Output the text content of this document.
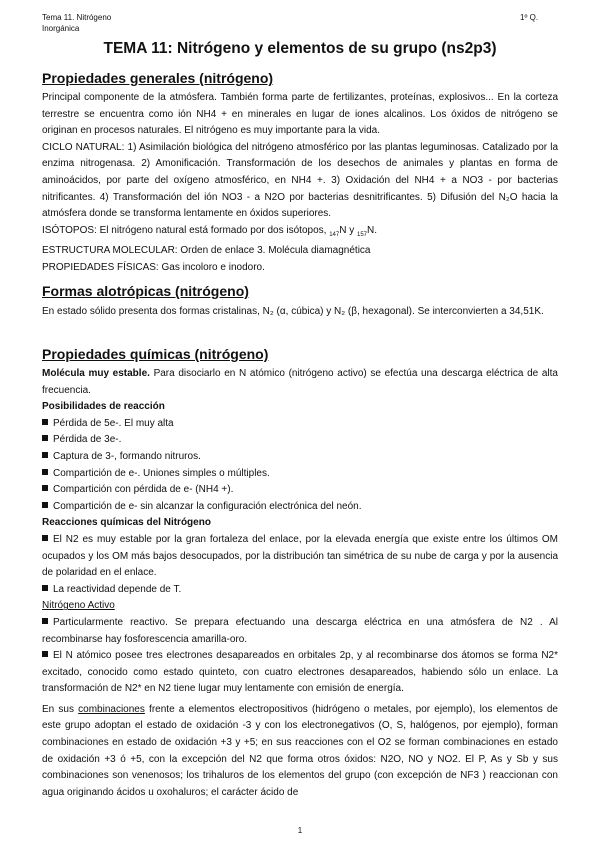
Tema 11. Nitrógeno
Inorgánica
1º Q.
TEMA 11: Nitrógeno y elementos de su grupo (ns2p3)
Propiedades generales (nitrógeno)

Principal componente de la atmósfera. También forma parte de fertilizantes, proteínas, explosivos... En la corteza terrestre se encuentra como ión NH4 + en minerales en lugar de iones alcalinos. Los óxidos de nitrógeno se originan en procesos naturales. El nitrógeno es muy importante para la vida.

CICLO NATURAL: 1) Asimilación biológica del nitrógeno atmosférico por las plantas leguminosas. Catalizado por la enzima nitrogenasa. 2) Amonificación. Transformación de los desechos de animales y plantas en forma de aminoácidos, por parte del oxígeno atmosférico, en NH4 +. 3) Oxidación del NH4 + a NO3 - por bacterias nitrificantes. 4) Transformación del ión NO3 - a N2O por bacterias desnitrificantes. 5) Difusión del N₂O hacia la atmósfera donde se transforma lentamente en óxidos superiores.

ISÓTOPOS: El nitrógeno natural está formado por dos isótopos, $_{147}$N y $_{157}$N.

ESTRUCTURA MOLECULAR: Orden de enlace 3. Molécula diamagnética

PROPIEDADES FÍSICAS: Gas incoloro e inodoro.

Formas alotrópicas (nitrógeno)

En estado sólido presenta dos formas cristalinas, N₂ (α, cúbica) y N₂ (β, hexagonal). Se interconvierten a 34,51K.

Propiedades químicas (nitrógeno)

Molécula muy estable. Para disociarlo en N atómico (nitrógeno activo) se efectúa una descarga eléctrica de alta frecuencia.

Posibilidades de reacción

Pérdida de 5e-. El muy alta

Pérdida de 3e-.

Captura de 3-, formando nitruros.

Compartición de e-. Uniones simples o múltiples.

Compartición con pérdida de e- (NH4 +).

Compartición de e- sin alcanzar la configuración electrónica del neón.

Reacciones químicas del Nitrógeno

El N2 es muy estable por la gran fortaleza del enlace, por la elevada energía que existe entre los últimos OM ocupados y los OM más bajos desocupados, por la distribución tan simétrica de su nube de carga y por la ausencia de polaridad en el enlace.

La reactividad depende de T.

Nitrógeno Activo

Particularmente reactivo. Se prepara efectuando una descarga eléctrica en una atmósfera de N2 . Al recombinarse hay fosforescencia amarilla-oro.

El N atómico posee tres electrones desapareados en orbitales 2p, y al recombinarse dos átomos se forma N2* excitado, conocido como estado quinteto, con cuatro electrones desapareados, habiendo sólo un enlace. La transformación de N2* en N2 tiene lugar muy lentamente con emisión de energía.

En sus combinaciones frente a elementos electropositivos (hidrógeno o metales, por ejemplo), los elementos de este grupo adoptan el estado de oxidación -3 y con los electronegativos (O, S, halógenos, por ejemplo), forman combinaciones en estado de oxidación +3 y +5; en sus reacciones con el O2 se forman combinaciones en estado de oxidación +3 ó +5, con la excepción del N2 que forma otros óxidos: N2O, NO y NO2. El P, As y Sb y sus combinaciones son venenosos; los trihaluros de los elementos del grupo (con excepción de NF3 ) reaccionan con agua originando ácidos u oxohaluros; el carácter ácido de

1
